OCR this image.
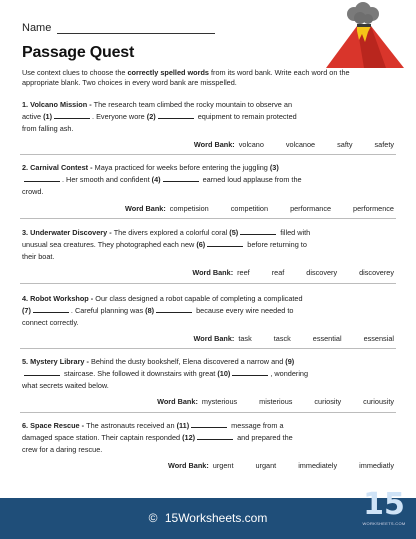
Name
Passage Quest
Use context clues to choose the correctly spelled words from its word bank. Write each word on the appropriate blank. Two choices in every word bank are misspelled.
1. Volcano Mission - The research team climbed the rocky mountain to observe an
active (1)	. Everyone wore (2)	equipment to remain protected
from falling ash.
Word Bank: volcano	volcanoe	safty	safety
2. Carnival Contest - Maya practiced for weeks before entering the juggling (3)
. Her smooth and confident (4)	earned loud applause from the
crowd.
Word Bank: competision	competition	performance	performence
3. Underwater Discovery - The divers explored a colorful coral (5)	filled with
unusual sea creatures. They photographed each new (6)	before returning to
their boat.
Word Bank: reef	reaf	discovery	discoverey
4. Robot Workshop - Our class designed a robot capable of completing a complicated
(7)	. Careful planning was (8)	because every wire needed to
connect correctly.
Word Bank: task	tasck	essential	essensial
5. Mystery Library - Behind the dusty bookshelf, Elena discovered a narrow and (9)
staircase. She followed it downstairs with great (10)	, wondering
what secrets waited below.
Word Bank: mysterious	misterious	curiosity	curiousity
6. Space Rescue - The astronauts received an (11)	message from a
damaged space station. Their captain responded (12)	and prepared the
crew for a daring rescue.
Word Bank: urgent	urgant	immediately	immediatly
© 15Worksheets.com	15
WORKSHEETS.COM
